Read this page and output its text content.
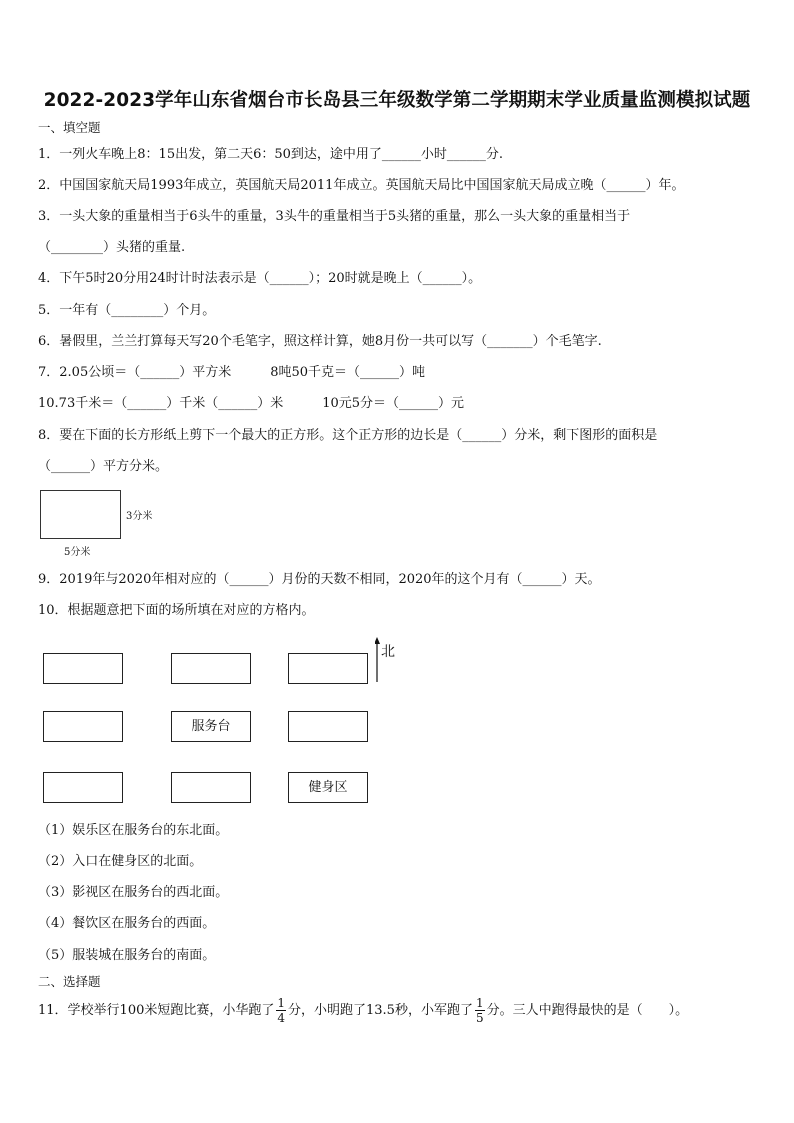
2022-2023学年山东省烟台市长岛县三年级数学第二学期期末学业质量监测模拟试题
一、填空题
1．一列火车晚上8：15出发，第二天6：50到达，途中用了______小时______分.
2．中国国家航天局1993年成立，英国航天局2011年成立。英国航天局比中国国家航天局成立晚（______）年。
3．一头大象的重量相当于6头牛的重量，3头牛的重量相当于5头猪的重量，那么一头大象的重量相当于
（________）头猪的重量.
4．下午5时20分用24时计时法表示是（______）；20时就是晚上（______）。
5．一年有（________）个月。
6．暑假里，兰兰打算每天写20个毛笔字，照这样计算，她8月份一共可以写（_______）个毛笔字.
7．2.05公顷＝（______）平方米　　　8吨50千克＝（______）吨
10.73千米＝（______）千米（______）米　　　10元5分＝（______）元
8．要在下面的长方形纸上剪下一个最大的正方形。这个正方形的边长是（______）分米，剩下图形的面积是
（______）平方分米。
3分米
5分米
9．2019年与2020年相对应的（______）月份的天数不相同，2020年的这个月有（______）天。
10．根据题意把下面的场所填在对应的方格内。
服务台
健身区
北
（1）娱乐区在服务台的东北面。
（2）入口在健身区的北面。
（3）影视区在服务台的西北面。
（4）餐饮区在服务台的西面。
（5）服装城在服务台的南面。
二、选择题
11．学校举行100米短跑比赛，小华跑了 $\frac{1}{4}$ 分，小明跑了13.5秒，小军跑了 $\frac{1}{5}$ 分。三人中跑得最快的是（　　）。
